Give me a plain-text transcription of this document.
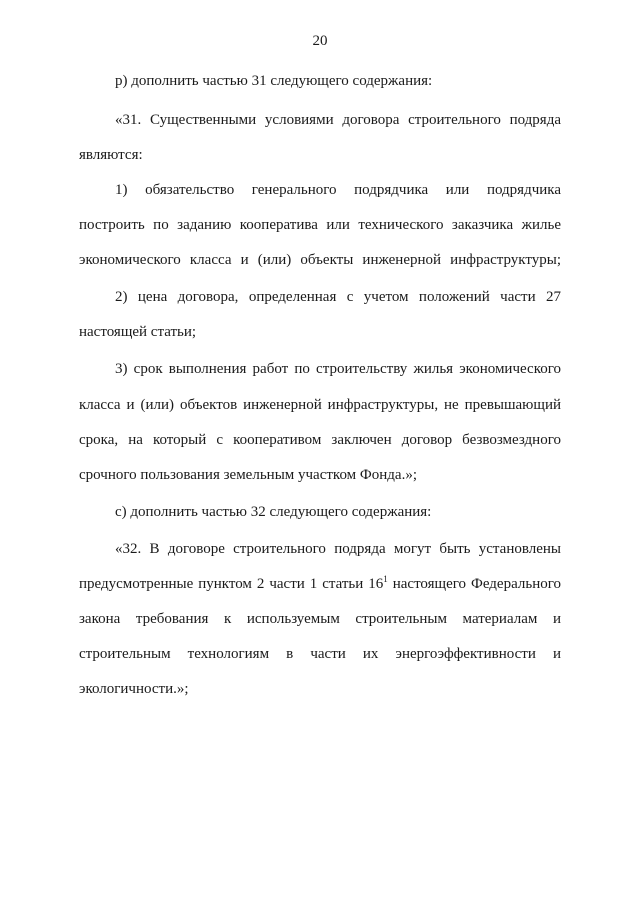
20
р) дополнить частью 31 следующего содержания:
«31. Существенными условиями договора строительного подряда
являются:
1) обязательство генерального подрядчика или подрядчика
построить по заданию кооператива или технического заказчика жилье
экономического класса и (или) объекты инженерной инфраструктуры;
2) цена договора, определенная с учетом положений части 27
настоящей статьи;
3) срок выполнения работ по строительству жилья экономического
класса и (или) объектов инженерной инфраструктуры, не превышающий
срока, на который с кооперативом заключен договор безвозмездного
срочного пользования земельным участком Фонда.»;
с) дополнить частью 32 следующего содержания:
«32. В договоре строительного подряда могут быть установлены
предусмотренные пунктом 2 части 1 статьи $16^1$ настоящего Федерального
закона требования к используемым строительным материалам и
строительным технологиям в части их энергоэффективности и
экологичности.»;
